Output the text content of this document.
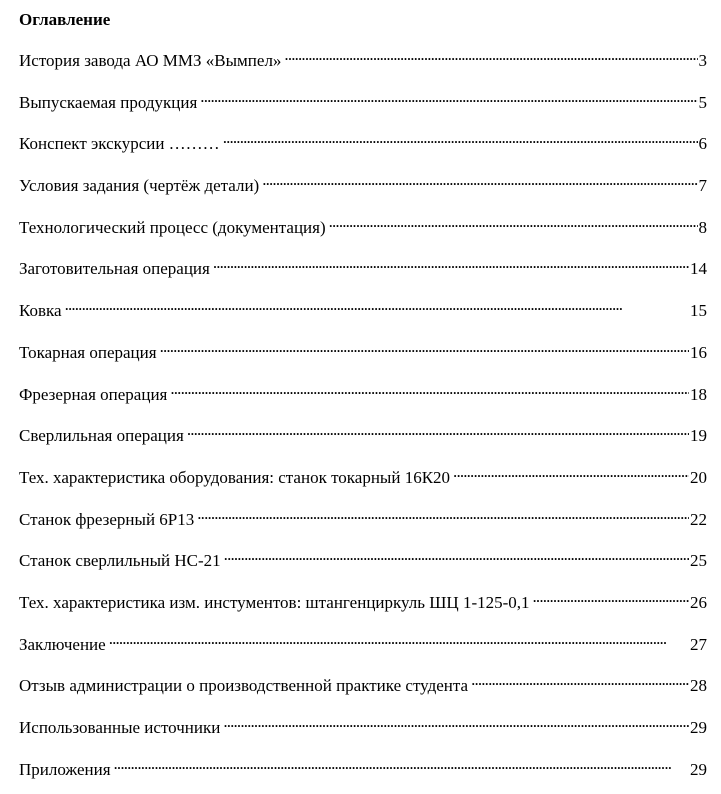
Оглавление
История завода АО ММЗ «Вымпел» . . .	3
Выпускаемая продукция . . .	5
Конспект экскурсии ……… . . .	6
Условия задания (чертёж детали) . . .	7
Технологический процесс (документация) . . .	8
Заготовительная операция . . .	14
Ковка . . .	15
Токарная операция . . .	16
Фрезерная операция . . .	18
Сверлильная операция . . .	19
Тех. характеристика оборудования: станок токарный 16К20 . . .	20
Станок фрезерный 6Р13 . . .	22
Станок сверлильный НС-21 . . .	25
Тех. характеристика изм. инстументов: штангенциркуль ШЦ 1-125-0,1 . . .	26
Заключение . . .	27
Отзыв администрации о производственной практике студента . . .	28
Использованные источники . . .	29
Приложения . . .	29
